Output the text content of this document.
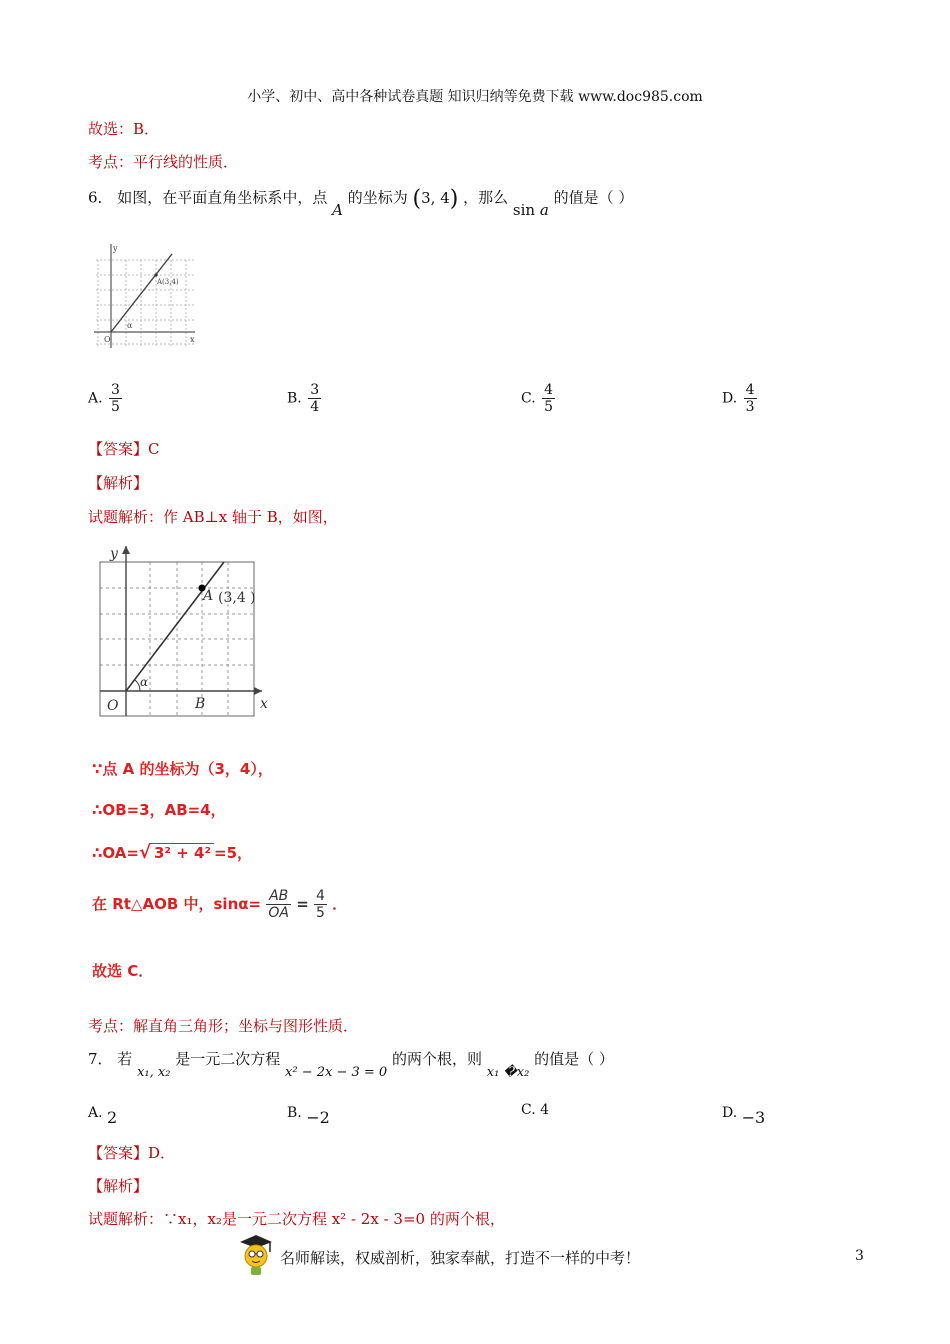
小学、初中、高中各种试卷真题 知识归纳等免费下载 www.doc985.com
故选：B．
考点：平行线的性质．
6． 如图，在平面直角坐标系中，点 A 的坐标为 (3, 4) ，那么 sin a 的值是（ ）
y
x
O
A(3,4)
α
A. $\frac{3}{5}$	B. $\frac{3}{4}$	C. $\frac{4}{5}$	D. $\frac{4}{3}$
【答案】C
【解析】
试题解析：作 AB⊥x 轴于 B，如图，
y
x
O	B
A (3,4 )
α
∵点 A 的坐标为（3，4），
∴OB=3，AB=4，
∴OA=√ 3² + 4² =5，
在 Rt△AOB 中，$\sin\alpha= \frac{AB}{OA} = \frac{4}{5}$ ．
故选 C．
考点：解直角三角形；坐标与图形性质．
7． 若 x₁, x₂ 是一元二次方程 x² − 2x − 3 = 0 的两个根，则 x₁ �x₂ 的值是（ ）
A. 2	B. −2	C. 4	D. −3
【答案】D．
【解析】
试题解析：∵x₁，x₂是一元二次方程 x² - 2x - 3=0 的两个根，
名师解读，权威剖析，独家奉献，打造不一样的中考！	3
